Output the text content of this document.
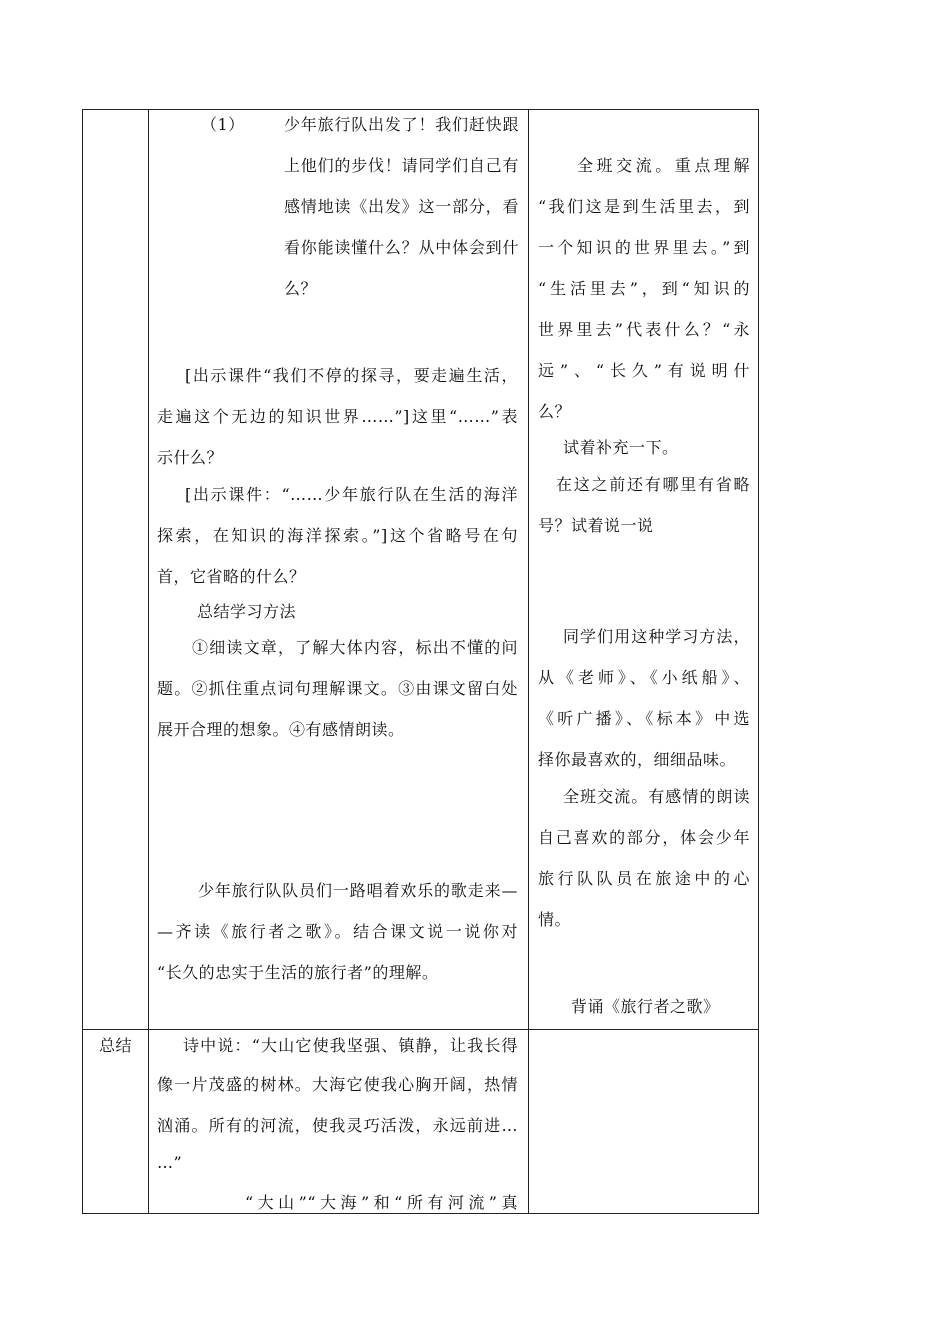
（1） 少年旅行队出发了！我们赶快跟
上他们的步伐！请同学们自己有
感情地读《出发》这一部分，看
看你能读懂什么？从中体会到什
么？
[出示课件“我们不停的探寻，要走遍生活，
走遍这个无边的知识世界……”]这里“……”表
示什么？
[出示课件：“……少年旅行队在生活的海洋
探索，在知识的海洋探索。”]这个省略号在句
首，它省略的什么？
总结学习方法
①细读文章，了解大体内容，标出不懂的问
题。②抓住重点词句理解课文。③由课文留白处
展开合理的想象。④有感情朗读。
少年旅行队队员们一路唱着欢乐的歌走来—
—齐读《旅行者之歌》。结合课文说一说你对
“长久的忠实于生活的旅行者”的理解。
全班交流。重点理解
“我们这是到生活里去，到
一个知识的世界里去。”到
“生活里去”，到“知识的
世界里去”代表什么？“永
远”、“长久”有说明什
么？
试着补充一下。
在这之前还有哪里有省略
号？试着说一说
同学们用这种学习方法，
从《老师》、《小纸船》、
《听广播》、《标本》中选
择你最喜欢的，细细品味。
全班交流。有感情的朗读
自己喜欢的部分，体会少年
旅行队队员在旅途中的心
情。
背诵《旅行者之歌》
总结	诗中说：“大山它使我坚强、镇静，让我长得
像一片茂盛的树林。大海它使我心胸开阔，热情
汹涌。所有的河流，使我灵巧活泼，永远前进…
…”
“大山”“大海”和“所有河流”真
